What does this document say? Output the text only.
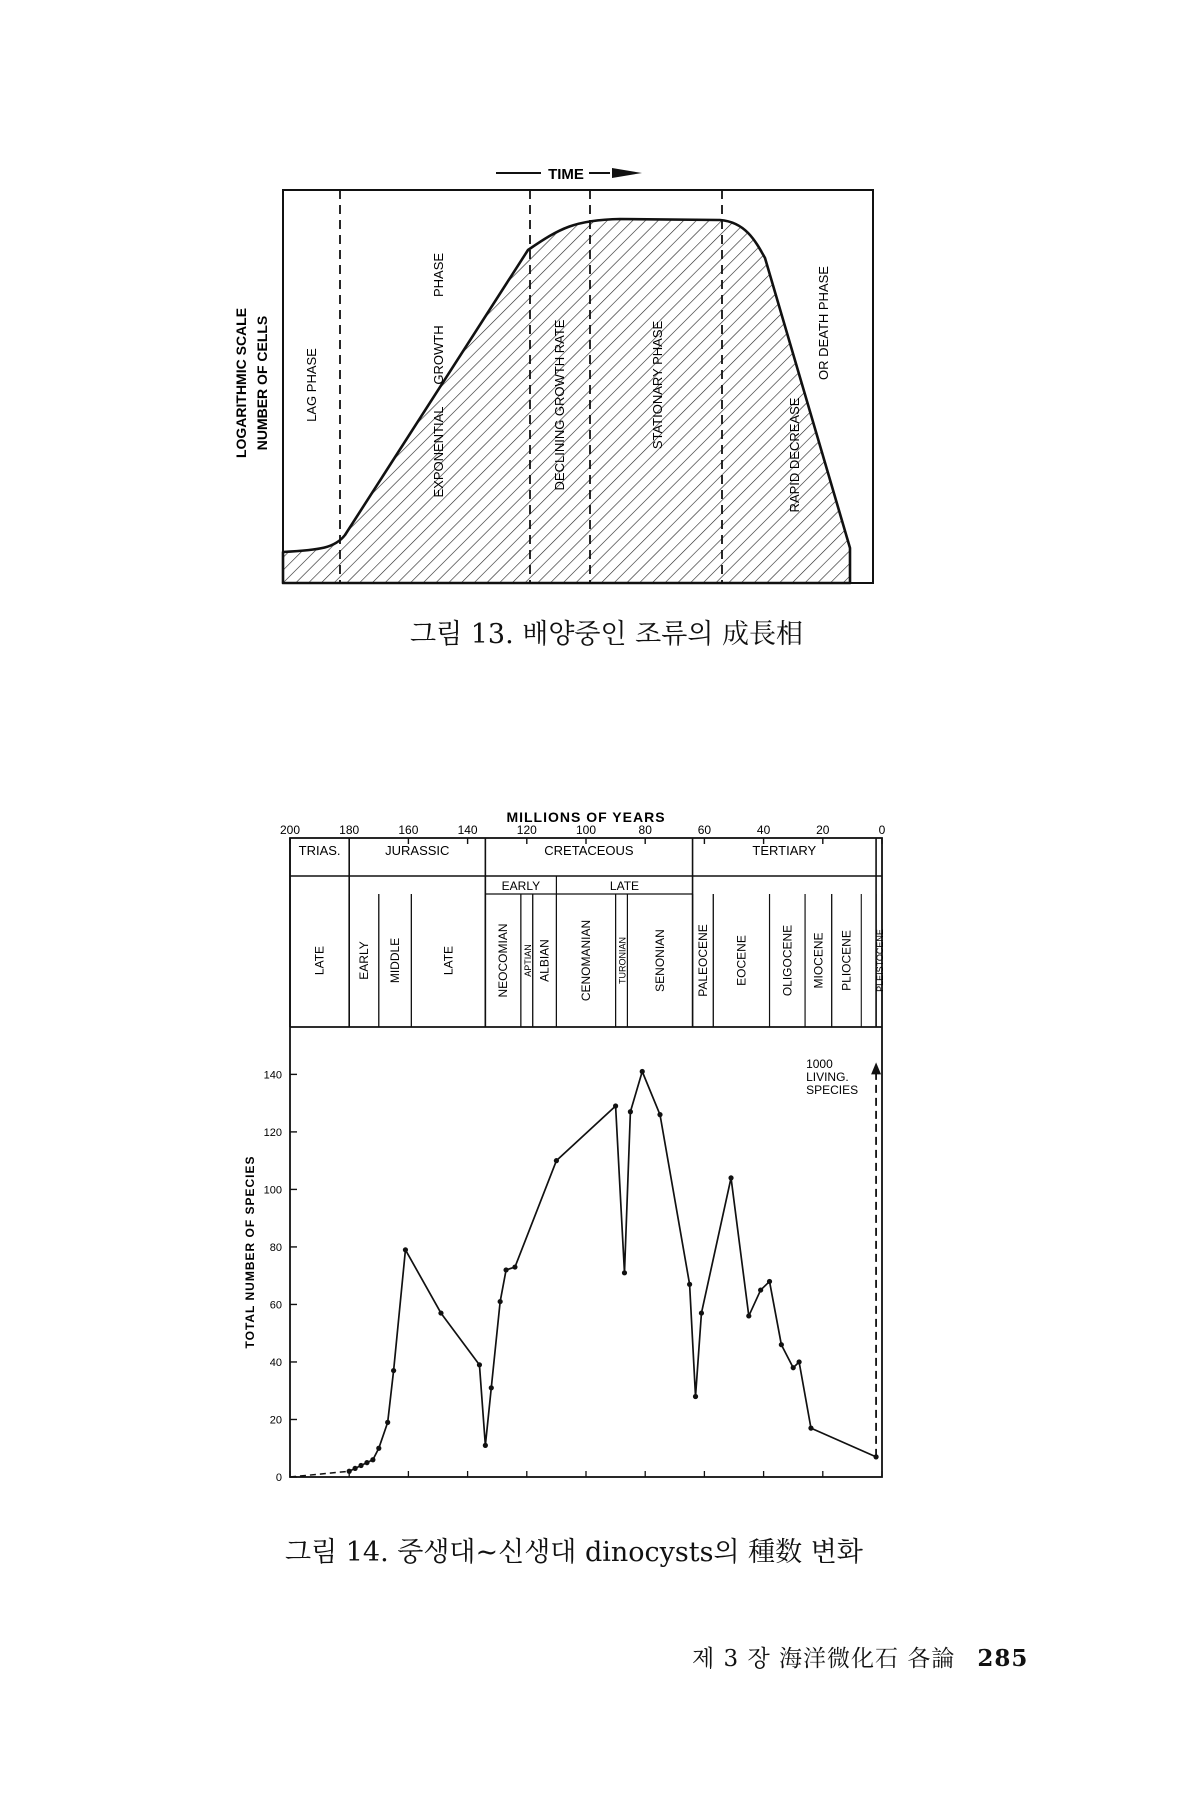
TIME
LOGARITHMIC SCALE NUMBER OF CELLS	LAG PHASE
EXPONENTIAL
GROWTH
PHASE
DECLINING GROWTH RATE	STATIONARY PHASE
RAPID DECREASE
OR DEATH PHASE
그림 13. 배양중인 조류의 成長相
MILLIONS OF YEARS
TRIAS.	JURASSIC	CRETACEOUS	TERTIARY
EARLY	LATE
LATE	EARLY MIDDLE	LATE	NEOCOMIAN APTIAN ALBIAN CENOMANIAN	TURONIAN SENONIAN PALEOCENE EOCENE	OLIGOCENE MIOCENE PLIOCENE PLEISTOCENE
200	180	160	140	120	100	80	60	40	20	0
0
20
40
60
80
100
120
140
TOTAL NUMBER OF SPECIES
1000
LIVING.
SPECIES
그림 14. 중생대~신생대 dinocysts의 種数 변화
제 3 장 海洋微化石 各論 285
